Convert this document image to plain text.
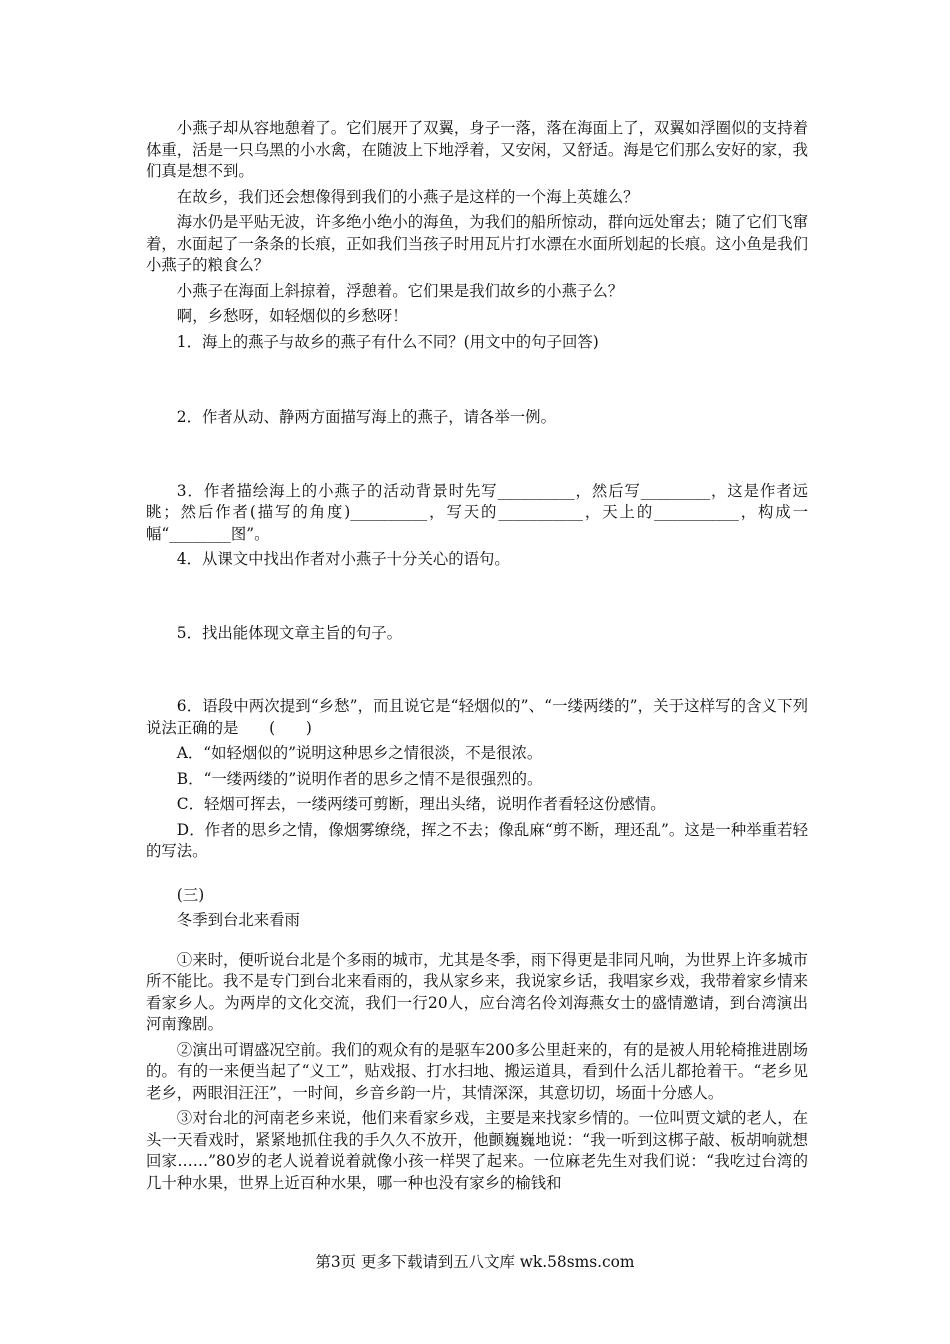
小燕子却从容地憩着了。它们展开了双翼，身子一落，落在海面上了，双翼如浮圈似的支持着体重，活是一只乌黑的小水禽，在随波上下地浮着，又安闲，又舒适。海是它们那么安好的家，我们真是想不到。

在故乡，我们还会想像得到我们的小燕子是这样的一个海上英雄么？

海水仍是平贴无波，许多绝小绝小的海鱼，为我们的船所惊动，群向远处窜去；随了它们飞窜着，水面起了一条条的长痕，正如我们当孩子时用瓦片打水漂在水面所划起的长痕。这小鱼是我们小燕子的粮食么？

小燕子在海面上斜掠着，浮憩着。它们果是我们故乡的小燕子么？

啊，乡愁呀，如轻烟似的乡愁呀！

1．海上的燕子与故乡的燕子有什么不同？(用文中的句子回答)

2．作者从动、静两方面描写海上的燕子，请各举一例。

3．作者描绘海上的小燕子的活动背景时先写__________，然后写_________，这是作者远眺；然后作者(描写的角度)__________，写天的___________，天上的___________，构成一幅“________图”。

4．从课文中找出作者对小燕子十分关心的语句。

5．找出能体现文章主旨的句子。

6．语段中两次提到“乡愁”，而且说它是“轻烟似的”、“一缕两缕的”，关于这样写的含义下列说法正确的是　　(　　)

A．“如轻烟似的”说明这种思乡之情很淡，不是很浓。

B．“一缕两缕的”说明作者的思乡之情不是很强烈的。

C．轻烟可挥去，一缕两缕可剪断，理出头绪，说明作者看轻这份感情。

D．作者的思乡之情，像烟雾缭绕，挥之不去；像乱麻“剪不断，理还乱”。这是一种举重若轻的写法。

(三)

冬季到台北来看雨

①来时，便听说台北是个多雨的城市，尤其是冬季，雨下得更是非同凡响，为世界上许多城市所不能比。我不是专门到台北来看雨的，我从家乡来，我说家乡话，我唱家乡戏，我带着家乡情来看家乡人。为两岸的文化交流，我们一行20人，应台湾名伶刘海燕女士的盛情邀请，到台湾演出河南豫剧。

②演出可谓盛况空前。我们的观众有的是驱车200多公里赶来的，有的是被人用轮椅推进剧场的。有的一来便当起了“义工”，贴戏报、打水扫地、搬运道具，看到什么活儿都抢着干。“老乡见老乡，两眼泪汪汪”，一时间，乡音乡韵一片，其情深深，其意切切，场面十分感人。

③对台北的河南老乡来说，他们来看家乡戏，主要是来找家乡情的。一位叫贾文斌的老人，在头一天看戏时，紧紧地抓住我的手久久不放开，他颤巍巍地说：“我一听到这梆子敲、板胡响就想回家……”80岁的老人说着说着就像小孩一样哭了起来。一位麻老先生对我们说：“我吃过台湾的几十种水果，世界上近百种水果，哪一种也没有家乡的榆钱和

第3页 更多下载请到五八文库 wk.58sms.com
